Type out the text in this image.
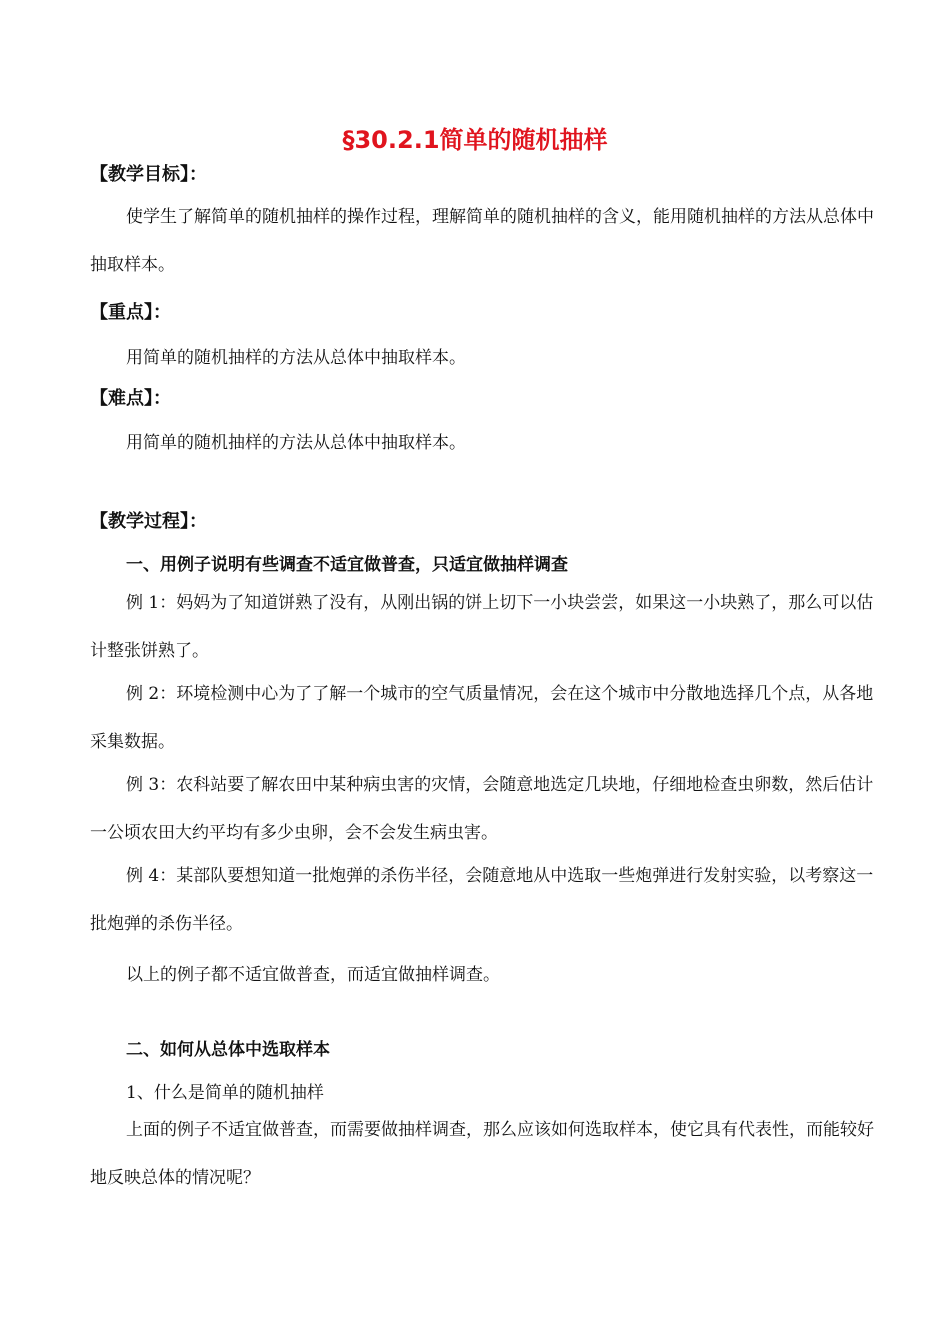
§30.2.1简单的随机抽样
【教学目标】：
使学生了解简单的随机抽样的操作过程，理解简单的随机抽样的含义，能用随机抽样的方法从总体中抽取样本。
【重点】：
用简单的随机抽样的方法从总体中抽取样本。
【难点】：
用简单的随机抽样的方法从总体中抽取样本。
【教学过程】：
一、用例子说明有些调查不适宜做普查，只适宜做抽样调查
例 1：妈妈为了知道饼熟了没有，从刚出锅的饼上切下一小块尝尝，如果这一小块熟了，那么可以估计整张饼熟了。
例 2：环境检测中心为了了解一个城市的空气质量情况，会在这个城市中分散地选择几个点，从各地采集数据。
例 3：农科站要了解农田中某种病虫害的灾情，会随意地选定几块地，仔细地检查虫卵数，然后估计一公顷农田大约平均有多少虫卵，会不会发生病虫害。
例 4：某部队要想知道一批炮弹的杀伤半径，会随意地从中选取一些炮弹进行发射实验，以考察这一批炮弹的杀伤半径。
以上的例子都不适宜做普查，而适宜做抽样调查。
二、如何从总体中选取样本
1、什么是简单的随机抽样
上面的例子不适宜做普查，而需要做抽样调查，那么应该如何选取样本，使它具有代表性，而能较好地反映总体的情况呢？
